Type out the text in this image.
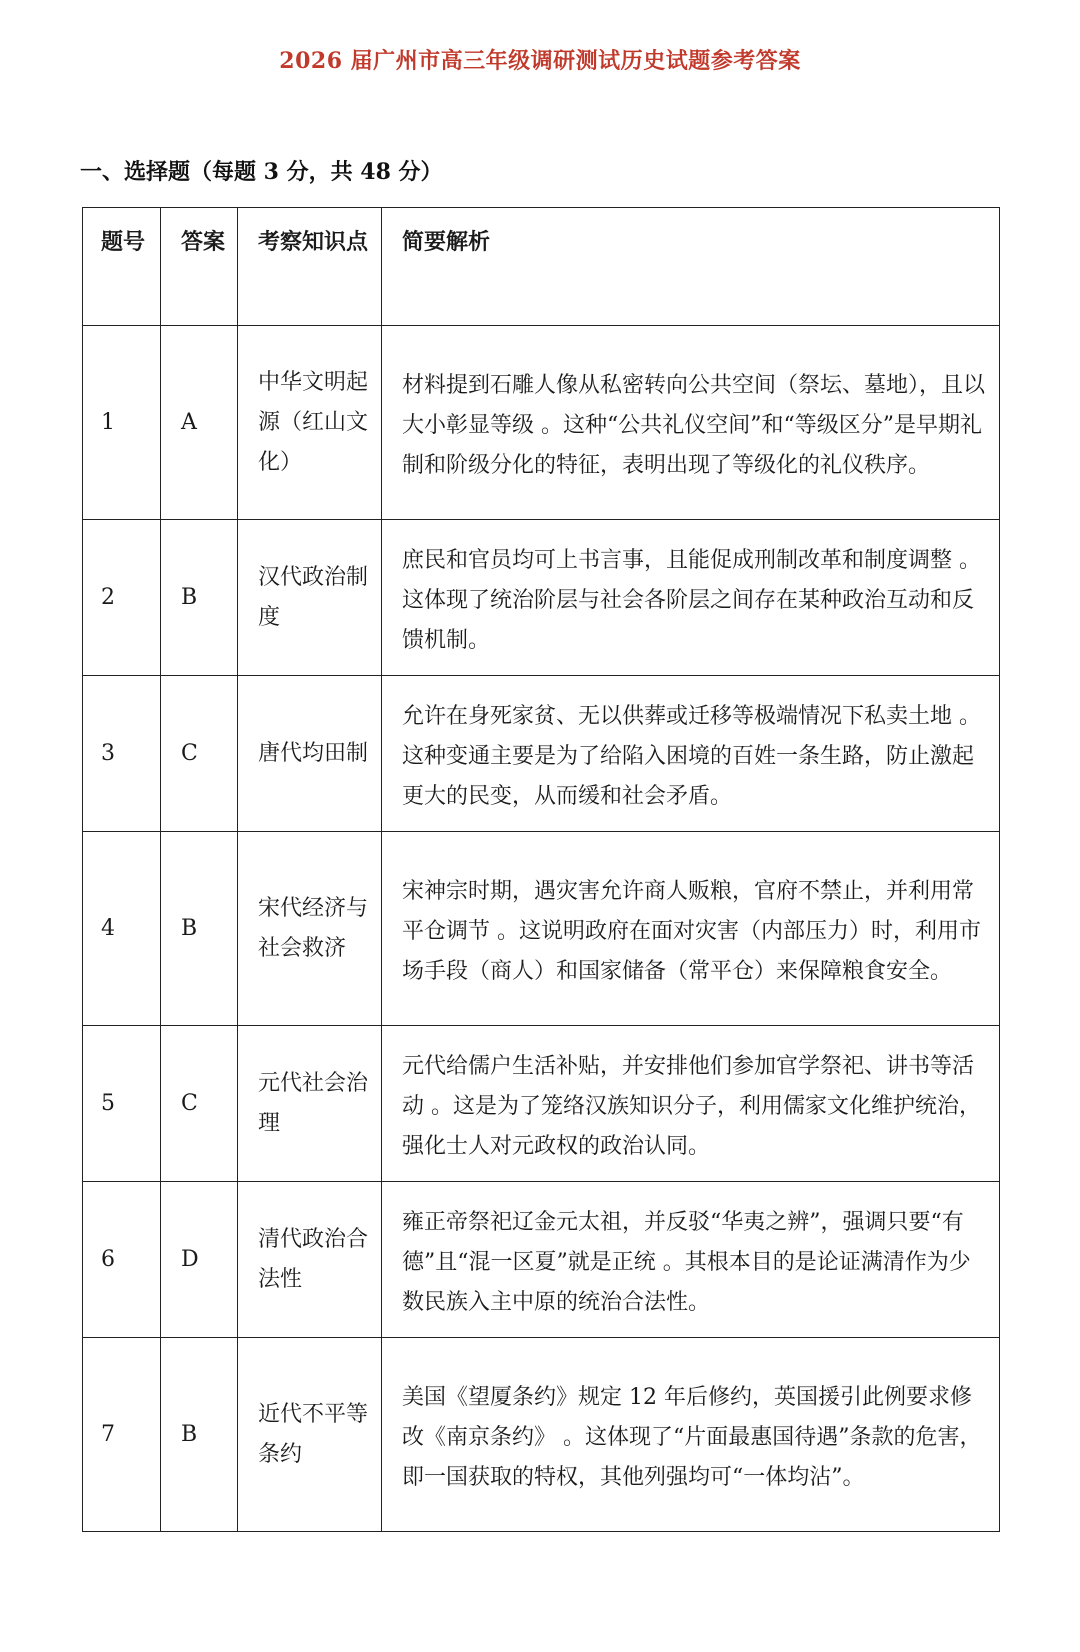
2026 届广州市高三年级调研测试历史试题参考答案
一、选择题（每题 3 分，共 48 分）
题号	答案	考察知识点	简要解析
1	A	中华文明起源（红山文化）	材料提到石雕人像从私密转向公共空间（祭坛、墓地），且以大小彰显等级 。这种“公共礼仪空间”和“等级区分”是早期礼制和阶级分化的特征，表明出现了等级化的礼仪秩序。
2	B	汉代政治制度	庶民和官员均可上书言事，且能促成刑制改革和制度调整 。这体现了统治阶层与社会各阶层之间存在某种政治互动和反馈机制。
3	C	唐代均田制	允许在身死家贫、无以供葬或迁移等极端情况下私卖土地 。这种变通主要是为了给陷入困境的百姓一条生路，防止激起更大的民变，从而缓和社会矛盾。
4	B	宋代经济与社会救济	宋神宗时期，遇灾害允许商人贩粮，官府不禁止，并利用常平仓调节 。这说明政府在面对灾害（内部压力）时，利用市场手段（商人）和国家储备（常平仓）来保障粮食安全。
5	C	元代社会治理	元代给儒户生活补贴，并安排他们参加官学祭祀、讲书等活动 。这是为了笼络汉族知识分子，利用儒家文化维护统治，强化士人对元政权的政治认同。
6	D	清代政治合法性	雍正帝祭祀辽金元太祖，并反驳“华夷之辨”，强调只要“有德”且“混一区夏”就是正统 。其根本目的是论证满清作为少数民族入主中原的统治合法性。
7	B	近代不平等条约	美国《望厦条约》规定 12 年后修约，英国援引此例要求修改《南京条约》 。这体现了“片面最惠国待遇”条款的危害，即一国获取的特权，其他列强均可“一体均沾”。
